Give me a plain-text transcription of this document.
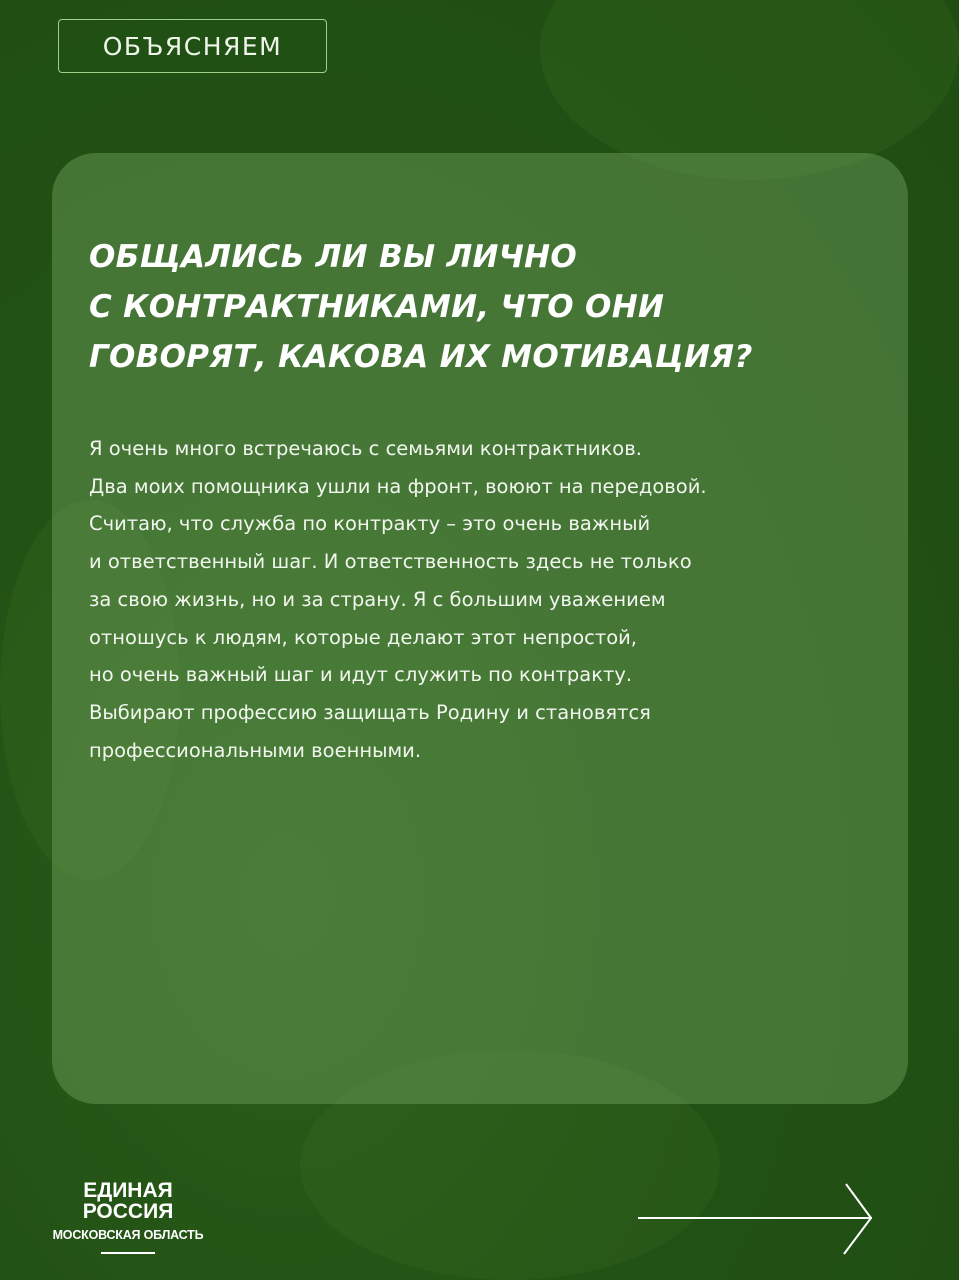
ОБЪЯСНЯЕМ
ОБЩАЛИСЬ ЛИ ВЫ ЛИЧНО
С КОНТРАКТНИКАМИ, ЧТО ОНИ
ГОВОРЯТ, КАКОВА ИХ МОТИВАЦИЯ?
Я очень много встречаюсь с семьями контрактников.
Два моих помощника ушли на фронт, воюют на передовой.
Считаю, что служба по контракту – это очень важный
и ответственный шаг. И ответственность здесь не только
за свою жизнь, но и за страну. Я с большим уважением
отношусь к людям, которые делают этот непростой,
но очень важный шаг и идут служить по контракту.
Выбирают профессию защищать Родину и становятся
профессиональными военными.
ЕДИНАЯ
РОССИЯ
МОСКОВСКАЯ ОБЛАСТЬ
